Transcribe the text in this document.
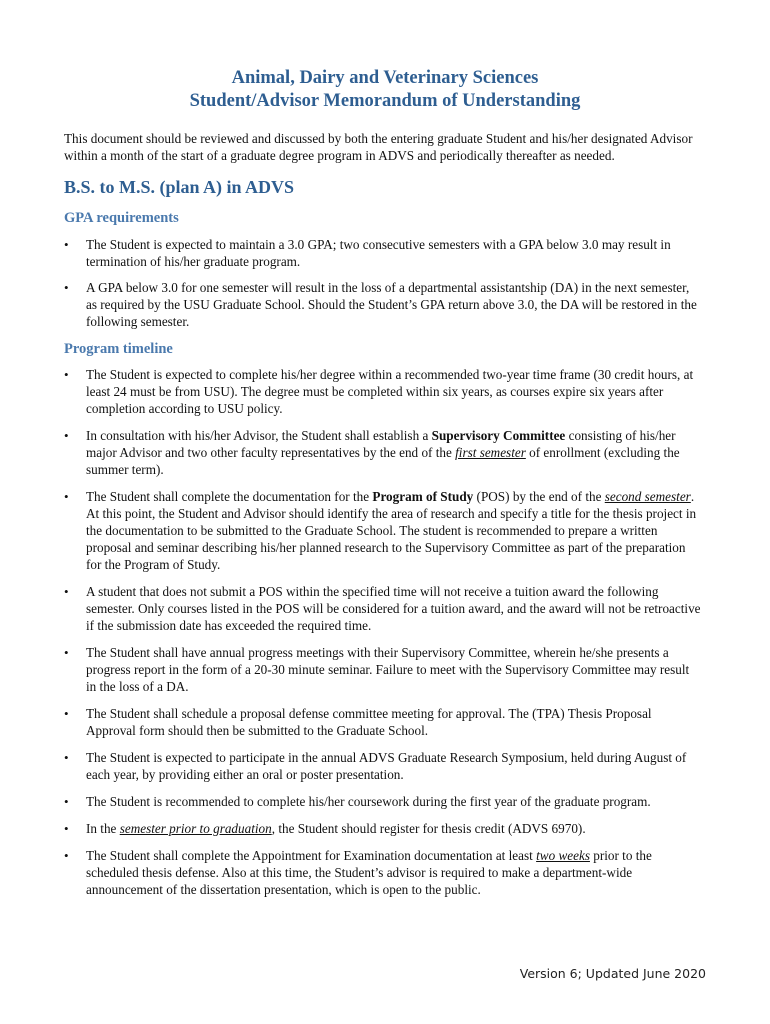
Animal, Dairy and Veterinary Sciences
Student/Advisor Memorandum of Understanding
This document should be reviewed and discussed by both the entering graduate Student and his/her designated Advisor within a month of the start of a graduate degree program in ADVS and periodically thereafter as needed.
B.S. to M.S. (plan A) in ADVS
GPA requirements
• The Student is expected to maintain a 3.0 GPA; two consecutive semesters with a GPA below 3.0 may result in termination of his/her graduate program.
• A GPA below 3.0 for one semester will result in the loss of a departmental assistantship (DA) in the next semester, as required by the USU Graduate School. Should the Student’s GPA return above 3.0, the DA will be restored in the following semester.
Program timeline
• The Student is expected to complete his/her degree within a recommended two-year time frame (30 credit hours, at least 24 must be from USU). The degree must be completed within six years, as courses expire six years after completion according to USU policy.
• In consultation with his/her Advisor, the Student shall establish a Supervisory Committee consisting of his/her major Advisor and two other faculty representatives by the end of the first semester of enrollment (excluding the summer term).
• The Student shall complete the documentation for the Program of Study (POS) by the end of the second semester. At this point, the Student and Advisor should identify the area of research and specify a title for the thesis project in the documentation to be submitted to the Graduate School. The student is recommended to prepare a written proposal and seminar describing his/her planned research to the Supervisory Committee as part of the preparation for the Program of Study.
• A student that does not submit a POS within the specified time will not receive a tuition award the following semester. Only courses listed in the POS will be considered for a tuition award, and the award will not be retroactive if the submission date has exceeded the required time.
• The Student shall have annual progress meetings with their Supervisory Committee, wherein he/she presents a progress report in the form of a 20-30 minute seminar. Failure to meet with the Supervisory Committee may result in the loss of a DA.
• The Student shall schedule a proposal defense committee meeting for approval. The (TPA) Thesis Proposal Approval form should then be submitted to the Graduate School.
• The Student is expected to participate in the annual ADVS Graduate Research Symposium, held during August of each year, by providing either an oral or poster presentation.
• The Student is recommended to complete his/her coursework during the first year of the graduate program.
• In the semester prior to graduation, the Student should register for thesis credit (ADVS 6970).
• The Student shall complete the Appointment for Examination documentation at least two weeks prior to the scheduled thesis defense. Also at this time, the Student’s advisor is required to make a department-wide announcement of the dissertation presentation, which is open to the public.
Version 6; Updated June 2020
